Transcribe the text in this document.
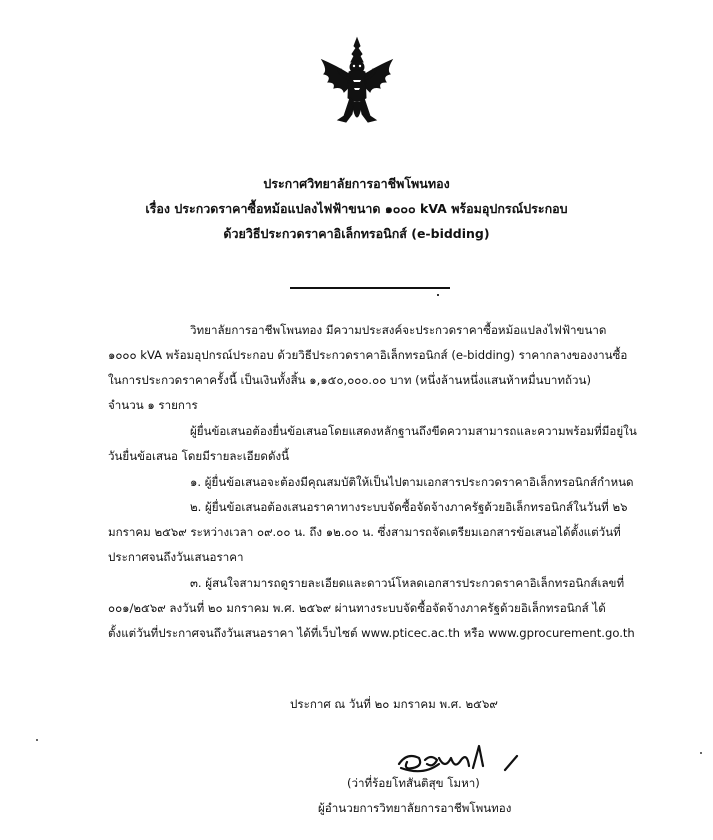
ประกาศวิทยาลัยการอาชีพโพนทอง
เรื่อง ประกวดราคาซื้อหม้อแปลงไฟฟ้าขนาด ๑๐๐๐ kVA พร้อมอุปกรณ์ประกอบ
ด้วยวิธีประกวดราคาอิเล็กทรอนิกส์ (e-bidding)
วิทยาลัยการอาชีพโพนทอง มีความประสงค์จะประกวดราคาซื้อหม้อแปลงไฟฟ้าขนาด
๑๐๐๐ kVA พร้อมอุปกรณ์ประกอบ ด้วยวิธีประกวดราคาอิเล็กทรอนิกส์ (e-bidding) ราคากลางของงานซื้อ
ในการประกวดราคาครั้งนี้ เป็นเงินทั้งสิ้น ๑,๑๕๐,๐๐๐.๐๐ บาท (หนึ่งล้านหนึ่งแสนห้าหมื่นบาทถ้วน)
จำนวน ๑ รายการ
ผู้ยื่นข้อเสนอต้องยื่นข้อเสนอโดยแสดงหลักฐานถึงขีดความสามารถและความพร้อมที่มีอยู่ใน
วันยื่นข้อเสนอ โดยมีรายละเอียดดังนี้
๑. ผู้ยื่นข้อเสนอจะต้องมีคุณสมบัติให้เป็นไปตามเอกสารประกวดราคาอิเล็กทรอนิกส์กำหนด
๒. ผู้ยื่นข้อเสนอต้องเสนอราคาทางระบบจัดซื้อจัดจ้างภาครัฐด้วยอิเล็กทรอนิกส์ในวันที่ ๒๖
มกราคม ๒๕๖๙ ระหว่างเวลา ๐๙.๐๐ น. ถึง ๑๒.๐๐ น. ซึ่งสามารถจัดเตรียมเอกสารข้อเสนอได้ตั้งแต่วันที่
ประกาศจนถึงวันเสนอราคา
๓. ผู้สนใจสามารถดูรายละเอียดและดาวน์โหลดเอกสารประกวดราคาอิเล็กทรอนิกส์เลขที่
๐๐๑/๒๕๖๙ ลงวันที่ ๒๐ มกราคม พ.ศ. ๒๕๖๙ ผ่านทางระบบจัดซื้อจัดจ้างภาครัฐด้วยอิเล็กทรอนิกส์ ได้
ตั้งแต่วันที่ประกาศจนถึงวันเสนอราคา ได้ที่เว็บไซต์ www.pticec.ac.th หรือ www.gprocurement.go.th
ประกาศ ณ วันที่ ๒๐ มกราคม พ.ศ. ๒๕๖๙
(ว่าที่ร้อยโทสันติสุข โมหา)
ผู้อำนวยการวิทยาลัยการอาชีพโพนทอง
